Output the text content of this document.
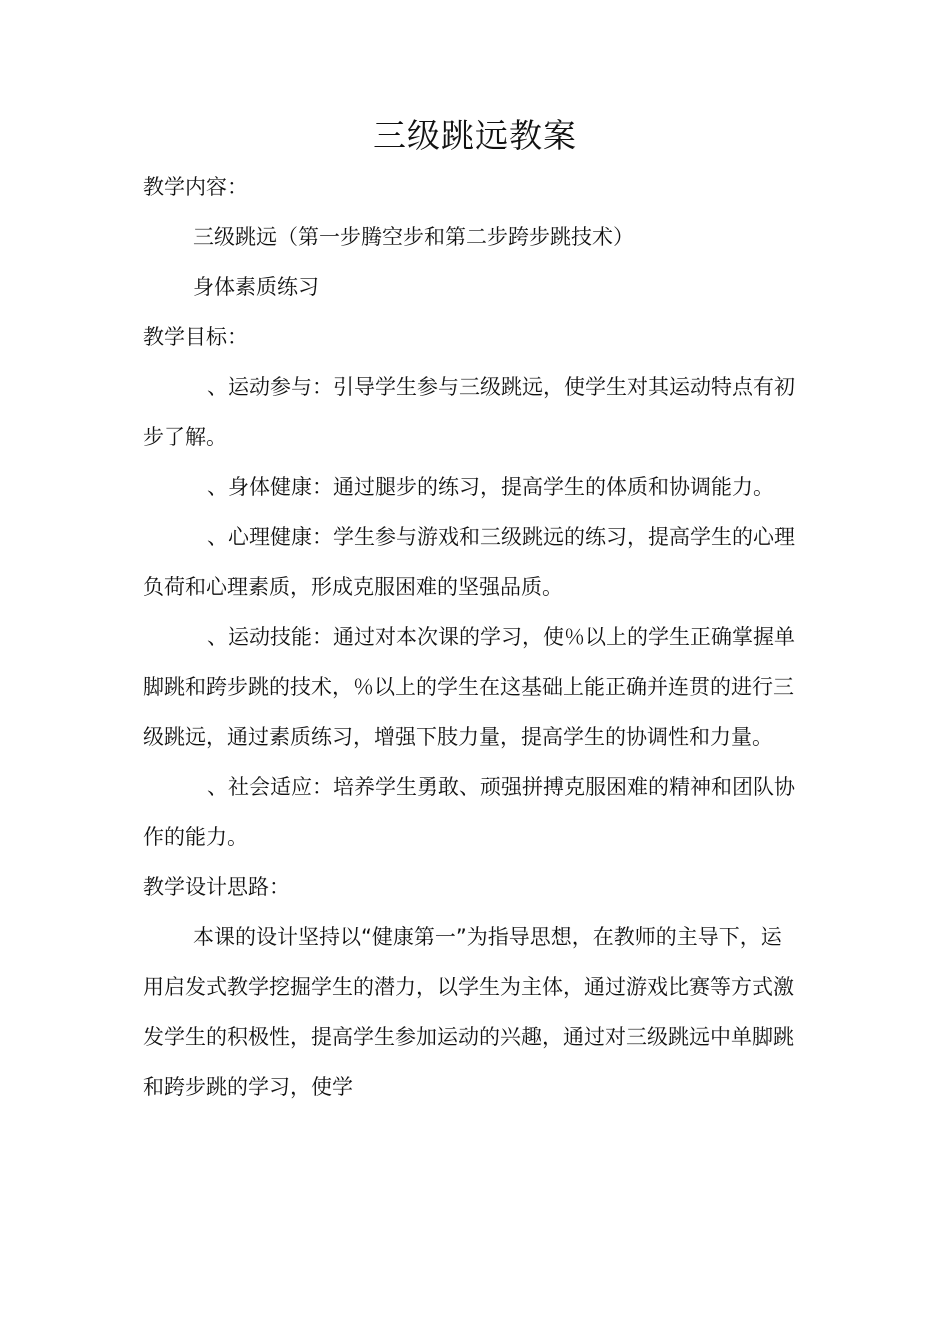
三级跳远教案
教学内容：
三级跳远（第一步腾空步和第二步跨步跳技术）
身体素质练习
教学目标：
、运动参与：引导学生参与三级跳远，使学生对其运动特点有初
步了解。
、身体健康：通过腿步的练习，提高学生的体质和协调能力。
、心理健康：学生参与游戏和三级跳远的练习，提高学生的心理
负荷和心理素质，形成克服困难的坚强品质。
、运动技能：通过对本次课的学习，使％以上的学生正确掌握单
脚跳和跨步跳的技术，％以上的学生在这基础上能正确并连贯的进行三
级跳远，通过素质练习，增强下肢力量，提高学生的协调性和力量。
、社会适应：培养学生勇敢、顽强拼搏克服困难的精神和团队协
作的能力。
教学设计思路：
本课的设计坚持以“健康第一”为指导思想，在教师的主导下，运
用启发式教学挖掘学生的潜力，以学生为主体，通过游戏比赛等方式激
发学生的积极性，提高学生参加运动的兴趣，通过对三级跳远中单脚跳
和跨步跳的学习，使学
